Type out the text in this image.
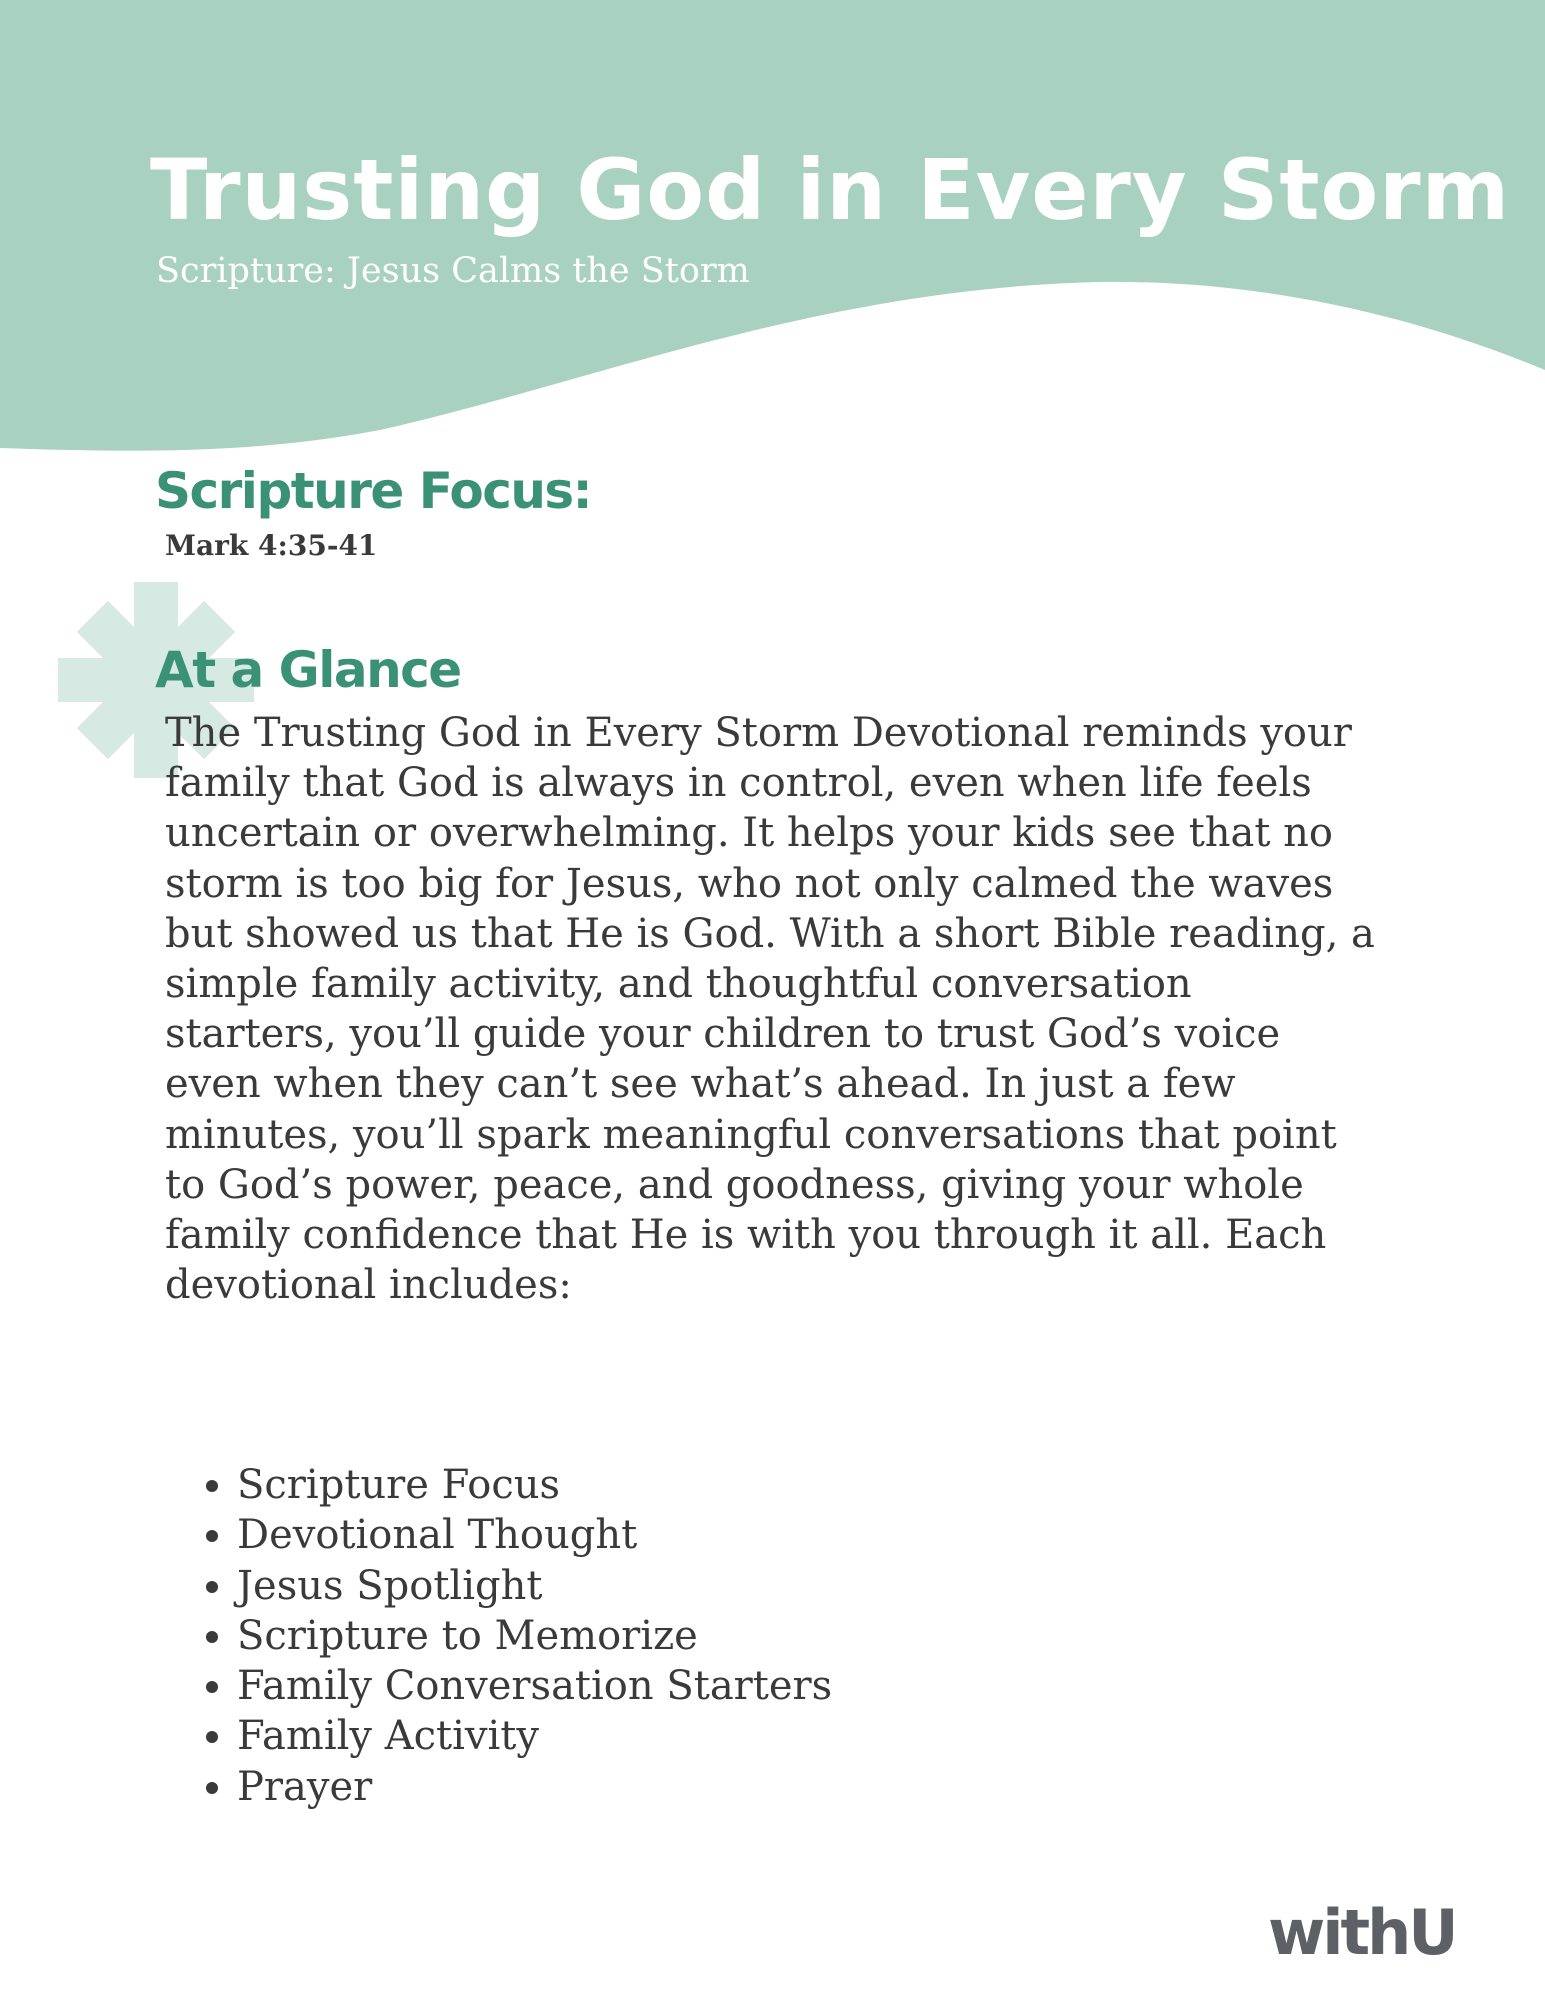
Trusting God in Every Storm

Scripture: Jesus Calms the Storm

Scripture Focus:

Mark 4:35-41

At a Glance

The Trusting God in Every Storm Devotional reminds your family that God is always in control, even when life feels uncertain or overwhelming. It helps your kids see that no storm is too big for Jesus, who not only calmed the waves but showed us that He is God. With a short Bible reading, a simple family activity, and thoughtful conversation starters, you’ll guide your children to trust God’s voice even when they can’t see what’s ahead. In just a few minutes, you’ll spark meaningful conversations that point to God’s power, peace, and goodness, giving your whole family confidence that He is with you through it all. Each devotional includes:

• Scripture Focus
• Devotional Thought
• Jesus Spotlight
• Scripture to Memorize
• Family Conversation Starters
• Family Activity
• Prayer
withU
